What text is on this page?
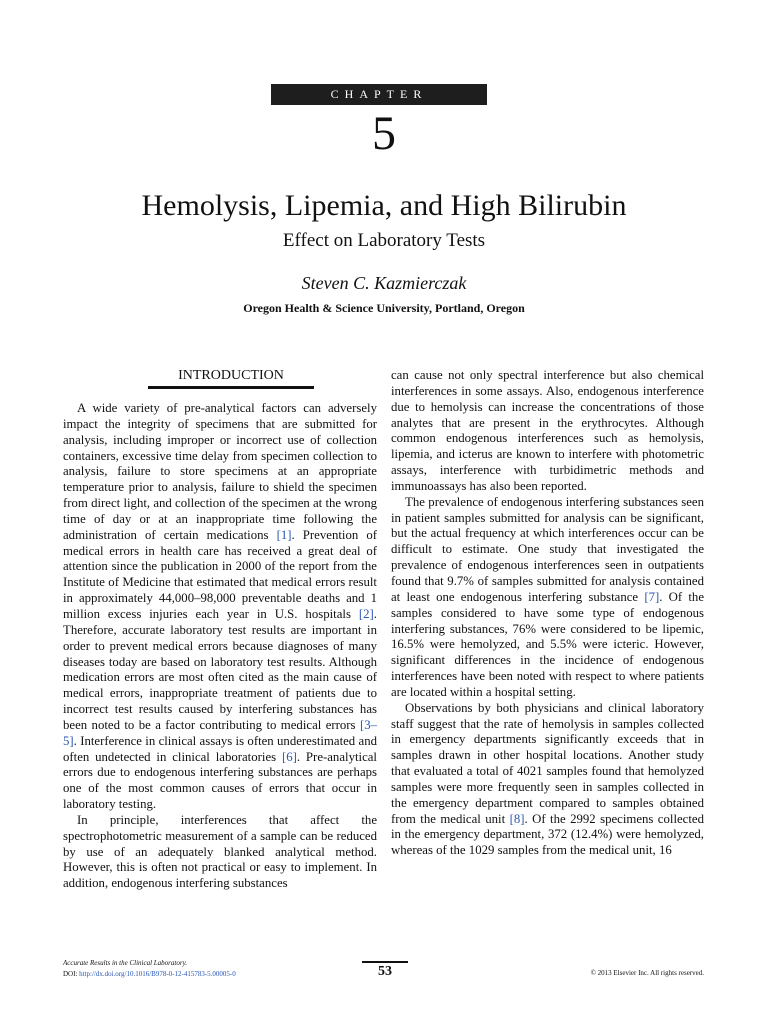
CHAPTER
5
Hemolysis, Lipemia, and High Bilirubin
Effect on Laboratory Tests
Steven C. Kazmierczak
Oregon Health & Science University, Portland, Oregon
INTRODUCTION

A wide variety of pre-analytical factors can adversely impact the integrity of specimens that are submitted for analysis, including improper or incorrect use of collection containers, excessive time delay from specimen collection to analysis, failure to store specimens at an appropriate temperature prior to analysis, failure to shield the specimen from direct light, and collection of the specimen at the wrong time of day or at an inappropriate time following the administration of certain medications [1]. Prevention of medical errors in health care has received a great deal of attention since the publication in 2000 of the report from the Institute of Medicine that estimated that medical errors result in approximately 44,000–98,000 preventable deaths and 1 million excess injuries each year in U.S. hospitals [2]. Therefore, accurate laboratory test results are important in order to prevent medical errors because diagnoses of many diseases today are based on laboratory test results. Although medication errors are most often cited as the main cause of medical errors, inappropriate treatment of patients due to incorrect test results caused by interfering substances has been noted to be a factor contributing to medical errors [3–5]. Interference in clinical assays is often underestimated and often undetected in clinical laboratories [6]. Pre-analytical errors due to endogenous interfering substances are perhaps one of the most common causes of errors that occur in laboratory testing.

In principle, interferences that affect the spectrophotometric measurement of a sample can be reduced by use of an adequately blanked analytical method. However, this is often not practical or easy to implement. In addition, endogenous interfering substances

can cause not only spectral interference but also chemical interferences in some assays. Also, endogenous interference due to hemolysis can increase the concentrations of those analytes that are present in the erythrocytes. Although common endogenous interferences such as hemolysis, lipemia, and icterus are known to interfere with photometric assays, interference with turbidimetric methods and immunoassays has also been reported.

The prevalence of endogenous interfering substances seen in patient samples submitted for analysis can be significant, but the actual frequency at which interferences occur can be difficult to estimate. One study that investigated the prevalence of endogenous interferences seen in outpatients found that 9.7% of samples submitted for analysis contained at least one endogenous interfering substance [7]. Of the samples considered to have some type of endogenous interfering substances, 76% were considered to be lipemic, 16.5% were hemolyzed, and 5.5% were icteric. However, significant differences in the incidence of endogenous interferences have been noted with respect to where patients are located within a hospital setting.

Observations by both physicians and clinical laboratory staff suggest that the rate of hemolysis in samples collected in emergency departments significantly exceeds that in samples drawn in other hospital locations. Another study that evaluated a total of 4021 samples found that hemolyzed samples were more frequently seen in samples collected in the emergency department compared to samples obtained from the medical unit [8]. Of the 2992 specimens collected in the emergency department, 372 (12.4%) were hemolyzed, whereas of the 1029 samples from the medical unit, 16

Accurate Results in the Clinical Laboratory.
DOI: http://dx.doi.org/10.1016/B978-0-12-415783-5.00005-0	53	© 2013 Elsevier Inc. All rights reserved.
